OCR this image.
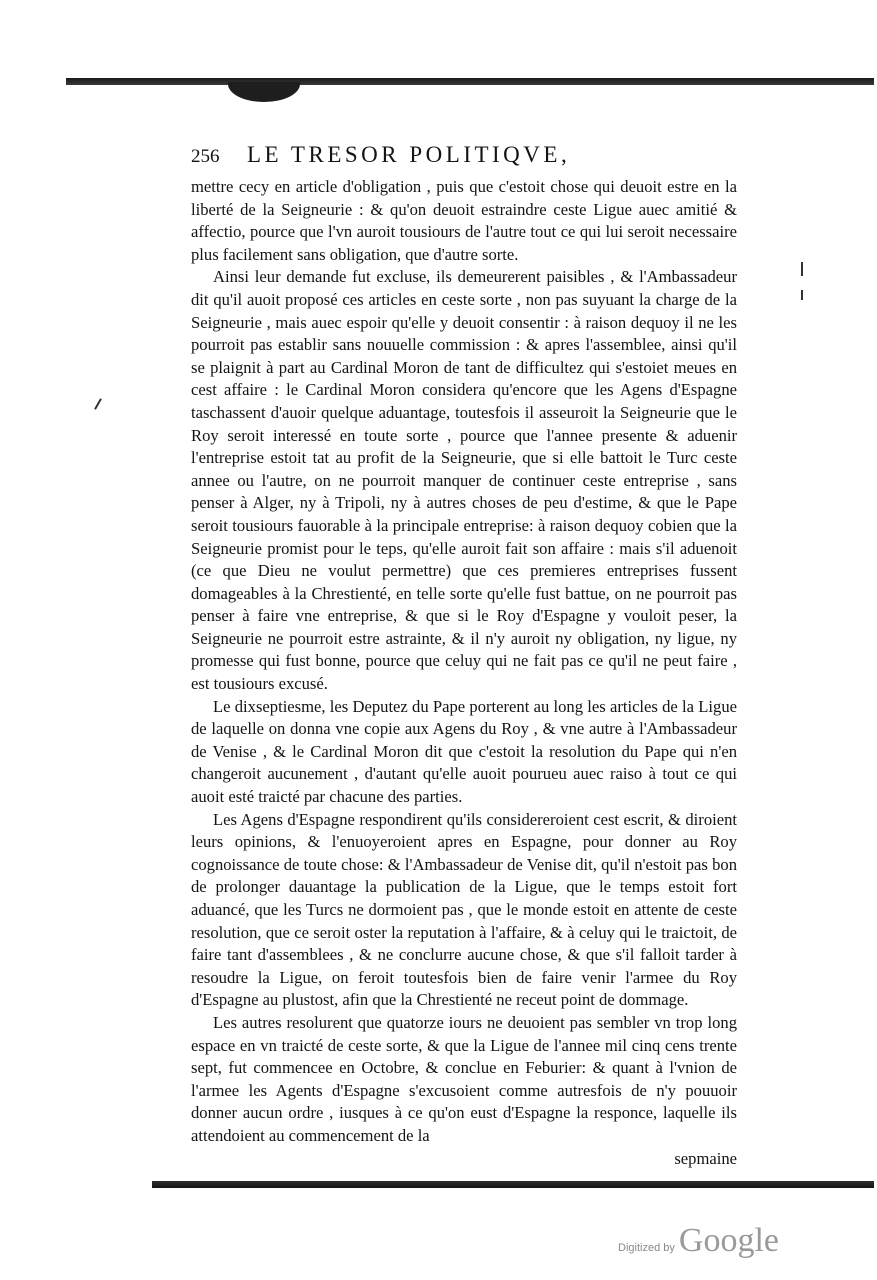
256	LE TRESOR POLITIQVE,

mettre cecy en article d'obligation , puis que c'estoit chose qui deuoit estre en la liberté de la Seigneurie : & qu'on deuoit estraindre ceste Ligue auec amitié & affectio, pource que l'vn auroit tousiours de l'autre tout ce qui lui seroit necessaire plus facilement sans obligation, que d'autre sorte.

Ainsi leur demande fut excluse, ils demeurerent paisibles , & l'Ambassadeur dit qu'il auoit proposé ces articles en ceste sorte , non pas suyuant la charge de la Seigneurie , mais auec espoir qu'elle y deuoit consentir : à raison dequoy il ne les pourroit pas establir sans nouuelle commission : & apres l'assemblee, ainsi qu'il se plaignit à part au Cardinal Moron de tant de difficultez qui s'estoiet meues en cest affaire : le Cardinal Moron considera qu'encore que les Agens d'Espagne taschassent d'auoir quelque aduantage, toutesfois il asseuroit la Seigneurie que le Roy seroit interessé en toute sorte , pource que l'annee presente & aduenir l'entreprise estoit tat au profit de la Seigneurie, que si elle battoit le Turc ceste annee ou l'autre, on ne pourroit manquer de continuer ceste entreprise , sans penser à Alger, ny à Tripoli, ny à autres choses de peu d'estime, & que le Pape seroit tousiours fauorable à la principale entreprise: à raison dequoy cobien que la Seigneurie promist pour le teps, qu'elle auroit fait son affaire : mais s'il aduenoit (ce que Dieu ne voulut permettre) que ces premieres entreprises fussent domageables à la Chrestienté, en telle sorte qu'elle fust battue, on ne pourroit pas penser à faire vne entreprise, & que si le Roy d'Espagne y vouloit peser, la Seigneurie ne pourroit estre astrainte, & il n'y auroit ny obligation, ny ligue, ny promesse qui fust bonne, pource que celuy qui ne fait pas ce qu'il ne peut faire , est tousiours excusé.

Le dixseptiesme, les Deputez du Pape porterent au long les articles de la Ligue de laquelle on donna vne copie aux Agens du Roy , & vne autre à l'Ambassadeur de Venise , & le Cardinal Moron dit que c'estoit la resolution du Pape qui n'en changeroit aucunement , d'autant qu'elle auoit pourueu auec raiso à tout ce qui auoit esté traicté par chacune des parties.

Les Agens d'Espagne respondirent qu'ils considereroient cest escrit, & diroient leurs opinions, & l'enuoyeroient apres en Espagne, pour donner au Roy cognoissance de toute chose: & l'Ambassadeur de Venise dit, qu'il n'estoit pas bon de prolonger dauantage la publication de la Ligue, que le temps estoit fort aduancé, que les Turcs ne dormoient pas , que le monde estoit en attente de ceste resolution, que ce seroit oster la reputation à l'affaire, & à celuy qui le traictoit, de faire tant d'assemblees , & ne conclurre aucune chose, & que s'il falloit tarder à resoudre la Ligue, on feroit toutesfois bien de faire venir l'armee du Roy d'Espagne au plustost, afin que la Chrestienté ne receut point de dommage.

Les autres resolurent que quatorze iours ne deuoient pas sembler vn trop long espace en vn traicté de ceste sorte, & que la Ligue de l'annee mil cinq cens trente sept, fut commencee en Octobre, & conclue en Feburier: & quant à l'vnion de l'armee les Agents d'Espagne s'excusoient comme autresfois de n'y pouuoir donner aucun ordre , iusques à ce qu'on eust d'Espagne la responce, laquelle ils attendoient au commencement de la

sepmaine

Digitized by Google
